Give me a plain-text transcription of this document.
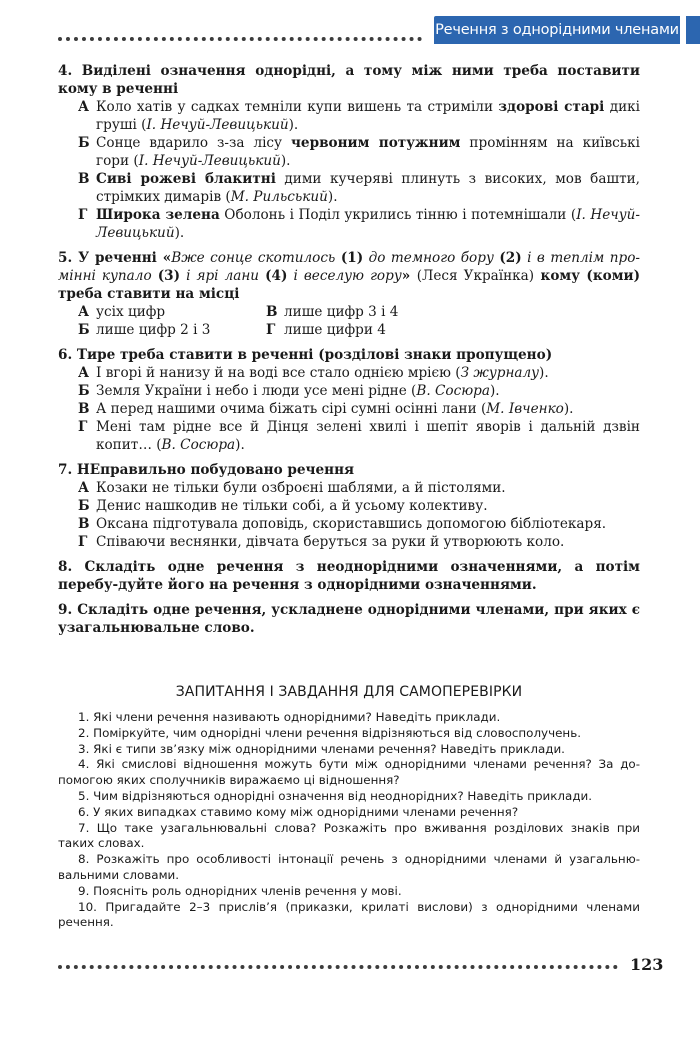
Речення з однорідними членами
4. Виділені означення однорідні, а тому між ними треба поставити кому в реченні
А Коло хатів у садках темніли купи вишень та стриміли здорові старі дикі груші (І. Нечуй-Левицький).
Б Сонце вдарило з-за лісу червоним потужним промінням на київські гори (І. Нечуй-Левицький).
В Сиві рожеві блакитні дими кучеряві плинуть з високих, мов башти, стрімких димарів (М. Рильський).
Г Широка зелена Оболонь і Поділ укрились тінню і потемнішали (І. Нечуй-Левицький).
5. У реченні «Вже сонце скотилось (1) до темного бору (2) і в теплім про-мінні купало (3) і ярі лани (4) і веселую гору» (Леся Українка) кому (коми) треба ставити на місці
А усіх цифр	В лише цифр 3 і 4
Б лише цифр 2 і 3	Г лише цифри 4
6. Тире треба ставити в реченні (розділові знаки пропущено)
А І вгорі й нанизу й на воді все стало однією мрією (З журналу).
Б Земля України і небо і люди усе мені рідне (В. Сосюра).
В А перед нашими очима біжать сірі сумні осінні лани (М. Івченко).
Г Мені там рідне все й Дінця зелені хвилі і шепіт яворів і дальній дзвін копит… (В. Сосюра).
7. НЕправильно побудовано речення
А Козаки не тільки були озброєні шаблями, а й пістолями.
Б Денис нашкодив не тільки собі, а й усьому колективу.
В Оксана підготувала доповідь, скориставшись допомогою бібліотекаря.
Г Співаючи веснянки, дівчата беруться за руки й утворюють коло.
8. Складіть одне речення з неоднорідними означеннями, а потім перебу-дуйте його на речення з однорідними означеннями.
9. Складіть одне речення, ускладнене однорідними членами, при яких є узагальнювальне слово.
ЗАПИТАННЯ І ЗАВДАННЯ ДЛЯ САМОПЕРЕВІРКИ

1. Які члени речення називають однорідними? Наведіть приклади.

2. Поміркуйте, чим однорідні члени речення відрізняються від словосполучень.

3. Які є типи зв’язку між однорідними членами речення? Наведіть приклади.

4. Які смислові відношення можуть бути між однорідними членами речення? За до-помогою яких сполучників виражаємо ці відношення?

5. Чим відрізняються однорідні означення від неоднорідних? Наведіть приклади.

6. У яких випадках ставимо кому між однорідними членами речення?

7. Що таке узагальнювальні слова? Розкажіть про вживання розділових знаків при таких словах.

8. Розкажіть про особливості інтонації речень з однорідними членами й узагальню-вальними словами.

9. Поясніть роль однорідних членів речення у мові.

10. Пригадайте 2–3 прислів’я (приказки, крилаті вислови) з однорідними членами речення.

123
